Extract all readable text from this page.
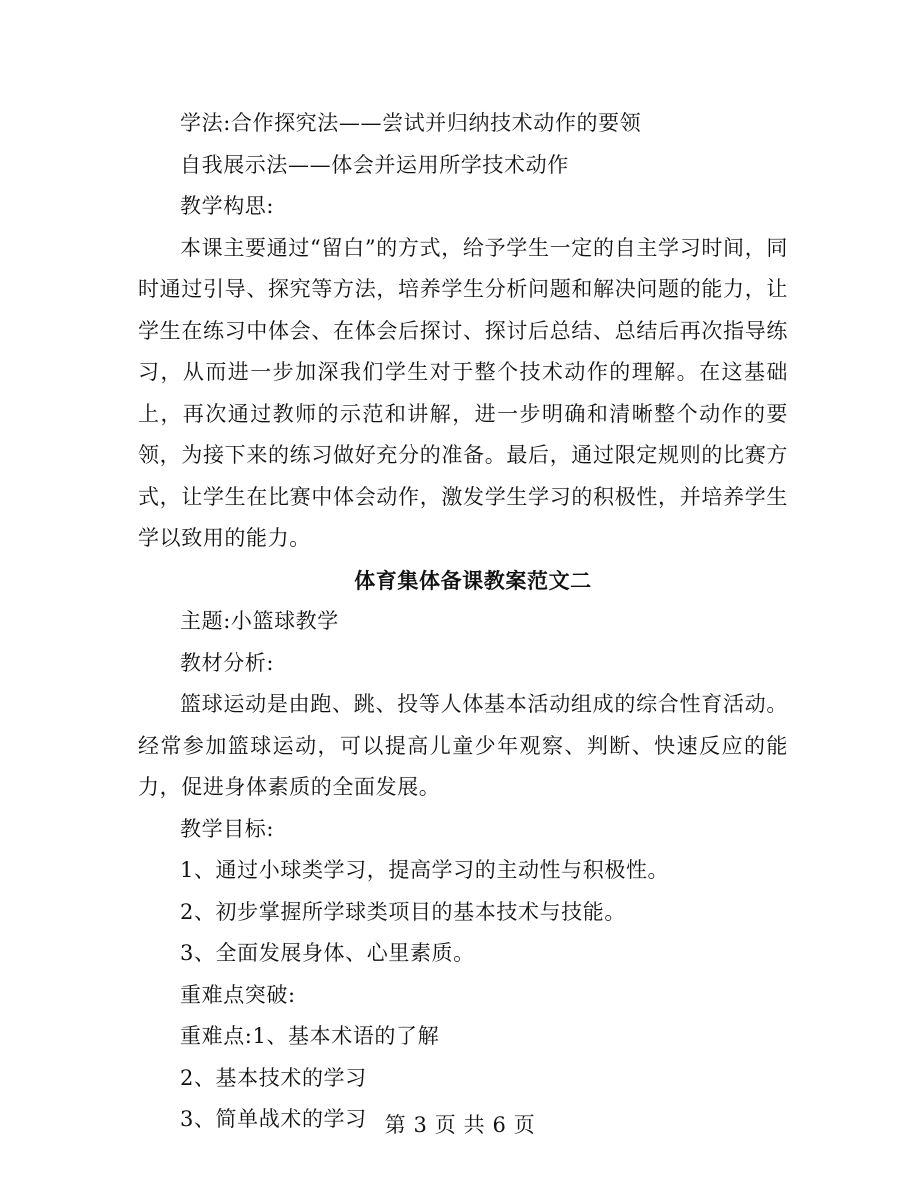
学法:合作探究法——尝试并归纳技术动作的要领

自我展示法——体会并运用所学技术动作

教学构思:

本课主要通过“留白”的方式，给予学生一定的自主学习时间，同时通过引导、探究等方法，培养学生分析问题和解决问题的能力，让学生在练习中体会、在体会后探讨、探讨后总结、总结后再次指导练习，从而进一步加深我们学生对于整个技术动作的理解。在这基础上，再次通过教师的示范和讲解，进一步明确和清晰整个动作的要领，为接下来的练习做好充分的准备。最后，通过限定规则的比赛方式，让学生在比赛中体会动作，激发学生学习的积极性，并培养学生学以致用的能力。

体育集体备课教案范文二

主题:小篮球教学

教材分析:

篮球运动是由跑、跳、投等人体基本活动组成的综合性育活动。经常参加篮球运动，可以提高儿童少年观察、判断、快速反应的能力，促进身体素质的全面发展。

教学目标:

1、通过小球类学习，提高学习的主动性与积极性。

2、初步掌握所学球类项目的基本技术与技能。

3、全面发展身体、心里素质。

重难点突破:

重难点:1、基本术语的了解

2、基本技术的学习

3、简单战术的学习 第 3 页 共 6 页
